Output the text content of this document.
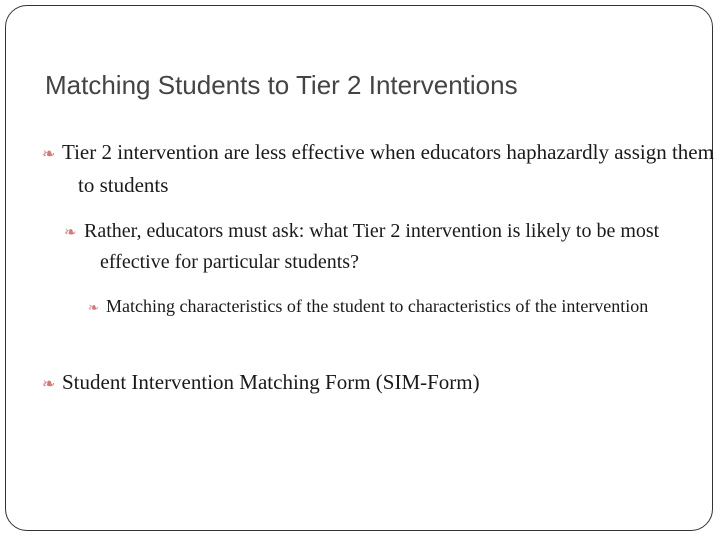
Matching Students to Tier 2 Interventions
Tier 2 intervention are less effective when educators haphazardly assign them to students
Rather, educators must ask: what Tier 2 intervention is likely to be most effective for particular students?
Matching characteristics of the student to characteristics of the intervention
Student Intervention Matching Form (SIM-Form)
